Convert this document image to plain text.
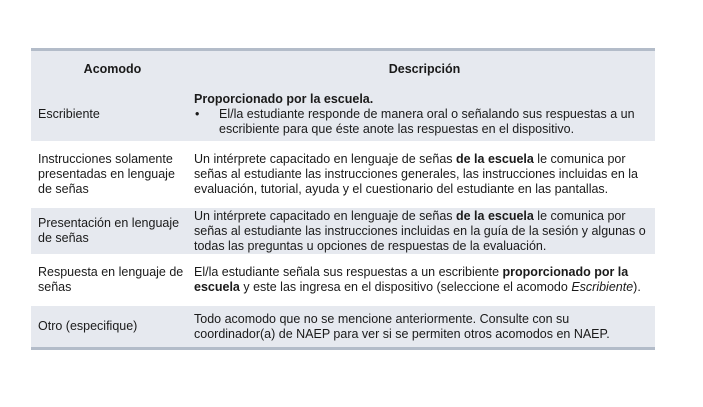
Acomodo	Descripción
Escribiente	Proporcionado por la escuela.
• El/la estudiante responde de manera oral o señalando sus respuestas a un escribiente para que éste anote las respuestas en el dispositivo.

Instrucciones solamente presentadas en lenguaje de señas	Un intérprete capacitado en lenguaje de señas de la escuela le comunica por señas al estudiante las instrucciones generales, las instrucciones incluidas en la evaluación, tutorial, ayuda y el cuestionario del estudiante en las pantallas.
Presentación en lenguaje de señas	Un intérprete capacitado en lenguaje de señas de la escuela le comunica por señas al estudiante las instrucciones incluidas en la guía de la sesión y algunas o todas las preguntas u opciones de respuestas de la evaluación.
Respuesta en lenguaje de señas	El/la estudiante señala sus respuestas a un escribiente proporcionado por la escuela y este las ingresa en el dispositivo (seleccione el acomodo Escribiente).
Otro (especifique)	Todo acomodo que no se mencione anteriormente. Consulte con su coordinador(a) de NAEP para ver si se permiten otros acomodos en NAEP.
